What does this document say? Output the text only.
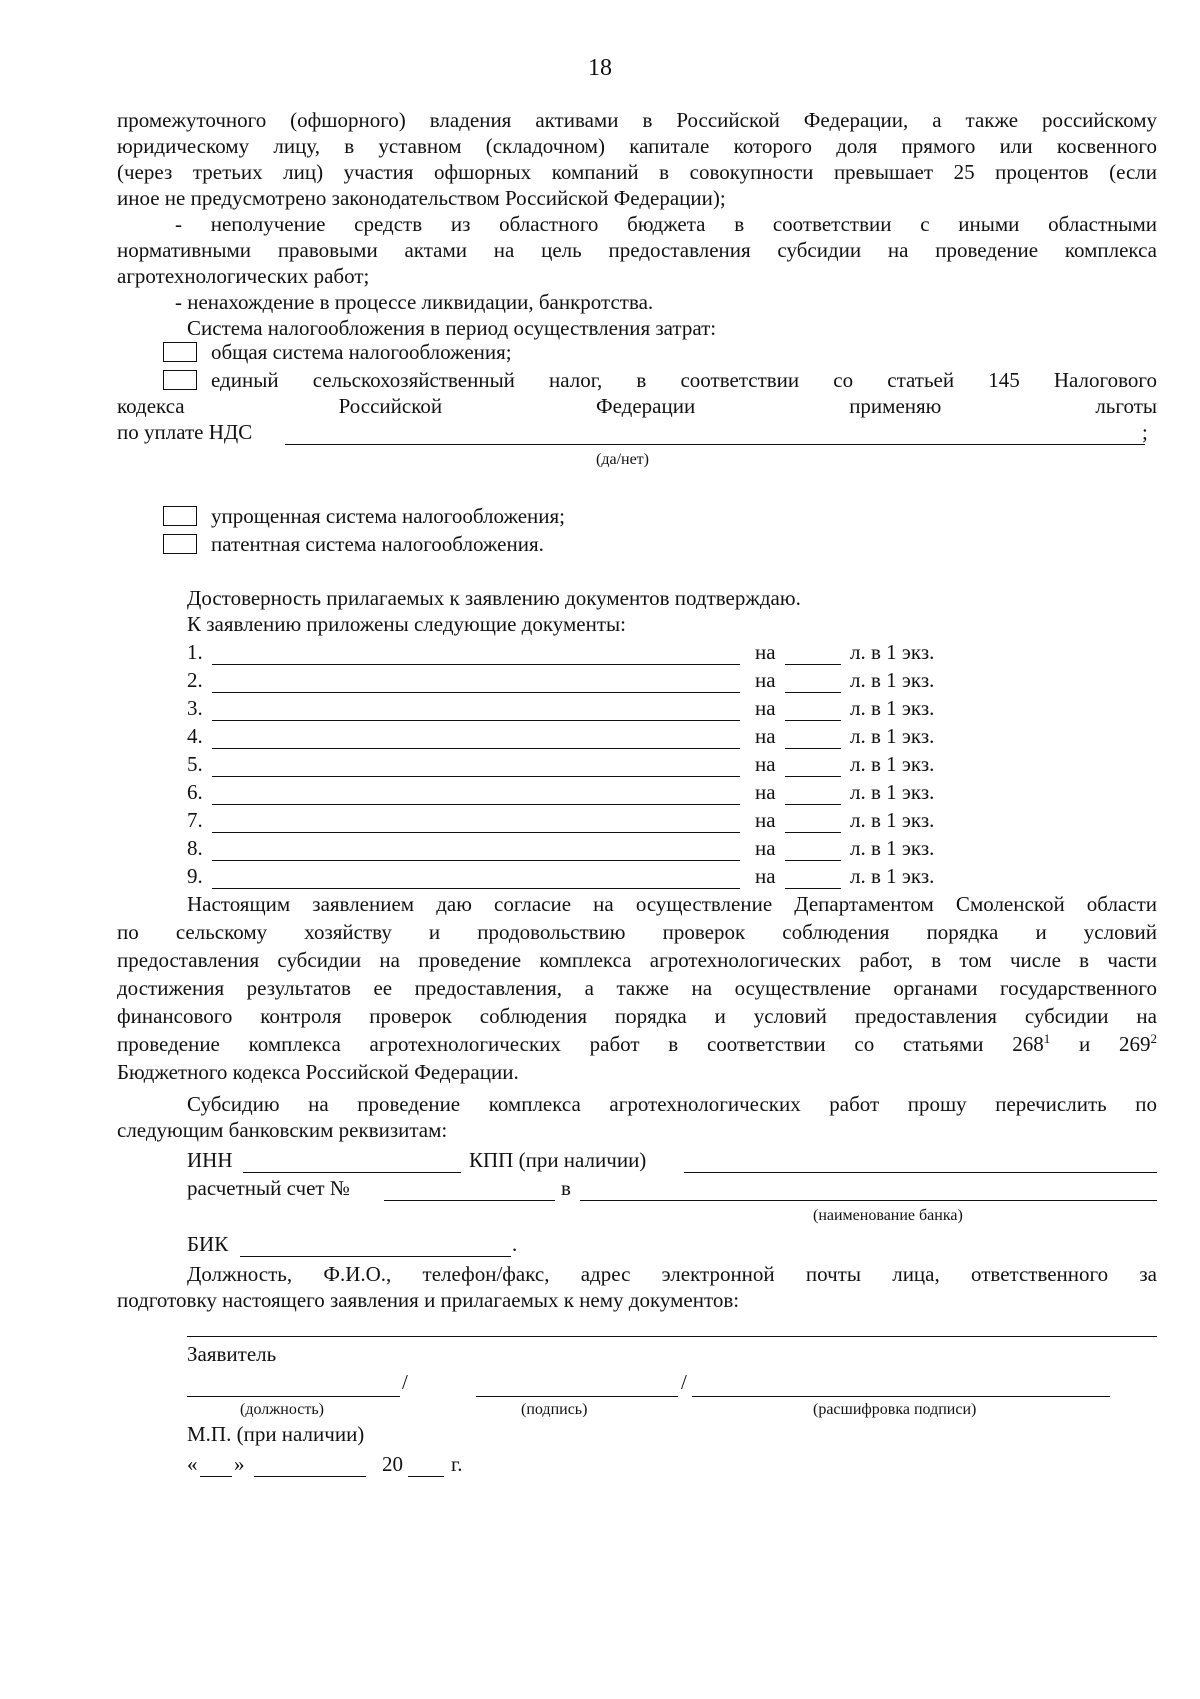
18
промежуточного (офшорного) владения активами в Российской Федерации, а также российскому
юридическому лицу, в уставном (складочном) капитале которого доля прямого или косвенного
(через третьих лиц) участия офшорных компаний в совокупности превышает 25 процентов (если
иное не предусмотрено законодательством Российской Федерации);
- неполучение средств из областного бюджета в соответствии с иными областными
нормативными правовыми актами на цель предоставления субсидии на проведение комплекса
агротехнологических работ;
- ненахождение в процессе ликвидации, банкротства.
Система налогообложения в период осуществления затрат:
общая система налогообложения;
единый сельскохозяйственный налог, в соответствии со статьей 145 Налогового
кодекса Российской Федерации применяю льготы
по уплате НДС	;
(да/нет)
упрощенная система налогообложения;
патентная система налогообложения.
Достоверность прилагаемых к заявлению документов подтверждаю.
К заявлению приложены следующие документы:
1.	на	л. в 1 экз.
2.	на	л. в 1 экз.
3.	на	л. в 1 экз.
4.	на	л. в 1 экз.
5.	на	л. в 1 экз.
6.	на	л. в 1 экз.
7.	на	л. в 1 экз.
8.	на	л. в 1 экз.
9.	на	л. в 1 экз.
Настоящим заявлением даю согласие на осуществление Департаментом Смоленской области
по сельскому хозяйству и продовольствию проверок соблюдения порядка и условий
предоставления субсидии на проведение комплекса агротехнологических работ, в том числе в части
достижения результатов ее предоставления, а также на осуществление органами государственного
финансового контроля проверок соблюдения порядка и условий предоставления субсидии на
проведение комплекса агротехнологических работ в соответствии со статьями $268^1$ и $269^2$
Бюджетного кодекса Российской Федерации.
Субсидию на проведение комплекса агротехнологических работ прошу перечислить по
следующим банковским реквизитам:
ИНН	КПП (при наличии)
расчетный счет №	в
(наименование банка)
БИК	.
Должность, Ф.И.О., телефон/факс, адрес электронной почты лица, ответственного за
подготовку настоящего заявления и прилагаемых к нему документов:
Заявитель
/	/
(должность)	(подпись)	(расшифровка подписи)
М.П. (при наличии)
« »	20 г.
